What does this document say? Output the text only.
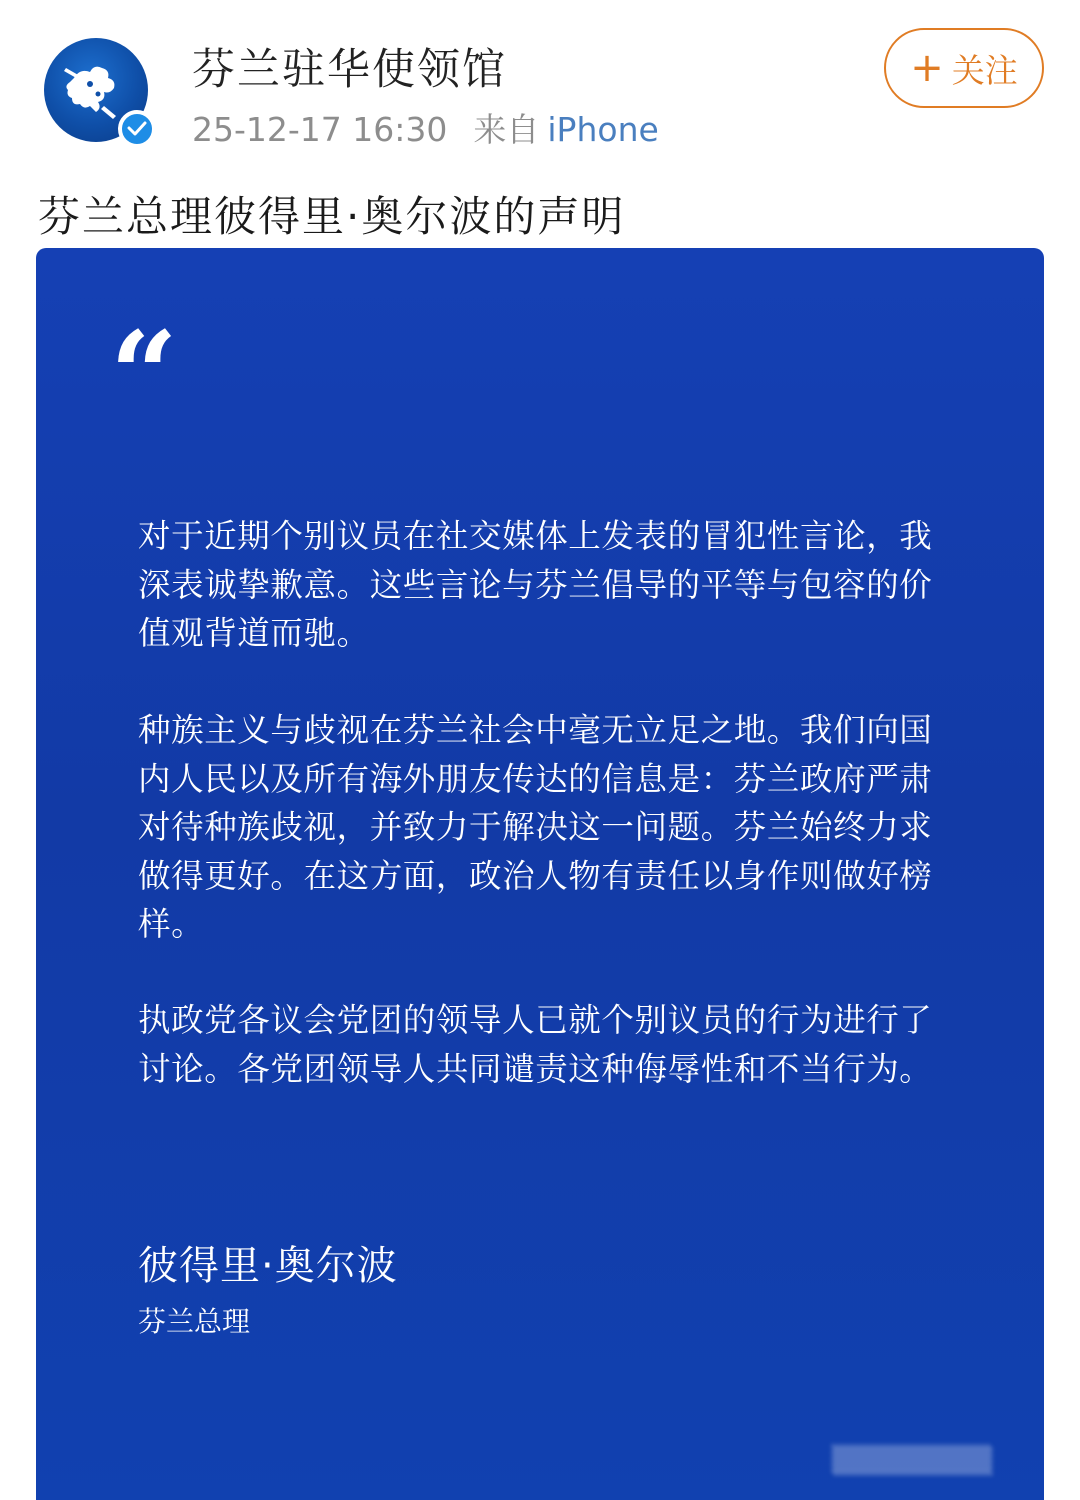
芬兰驻华使领馆
25-12-17 16:30 来自 iPhone
+ 关注
芬兰总理彼得里·奥尔波的声明
“
对于近期个别议员在社交媒体上发表的冒犯性言论，我深表诚挚歉意。这些言论与芬兰倡导的平等与包容的价值观背道而驰。
种族主义与歧视在芬兰社会中毫无立足之地。我们向国内人民以及所有海外朋友传达的信息是：芬兰政府严肃对待种族歧视，并致力于解决这一问题。芬兰始终力求做得更好。在这方面，政治人物有责任以身作则做好榜样。
执政党各议会党团的领导人已就个别议员的行为进行了讨论。各党团领导人共同谴责这种侮辱性和不当行为。
彼得里·奥尔波
芬兰总理
▒▒▒▒▒▒▒▒
